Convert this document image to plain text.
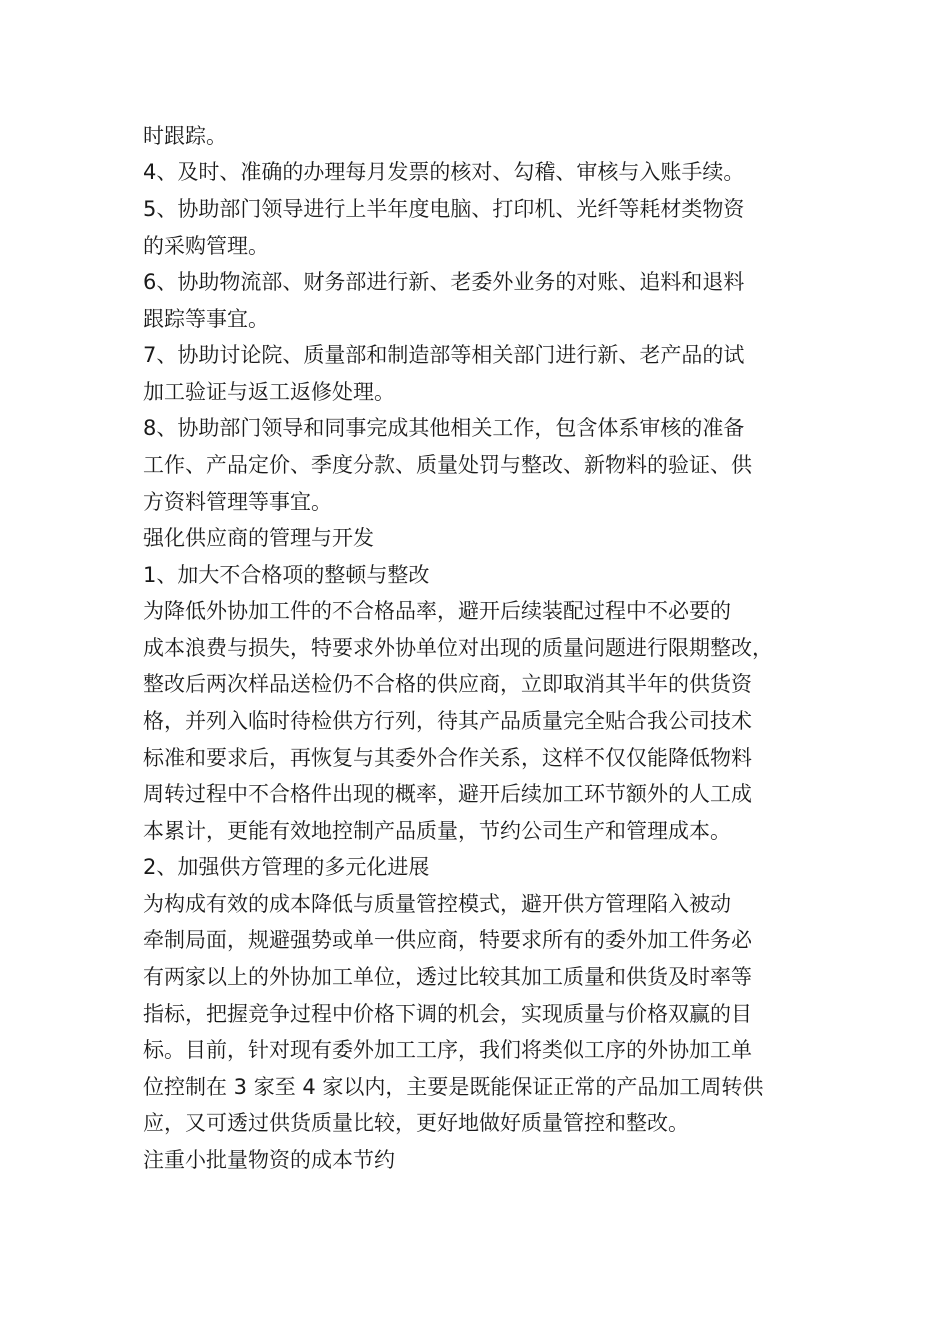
时跟踪。
4、及时、准确的办理每月发票的核对、勾稽、审核与入账手续。
5、协助部门领导进行上半年度电脑、打印机、光纤等耗材类物资
的采购管理。
6、协助物流部、财务部进行新、老委外业务的对账、追料和退料
跟踪等事宜。
7、协助讨论院、质量部和制造部等相关部门进行新、老产品的试
加工验证与返工返修处理。
8、协助部门领导和同事完成其他相关工作，包含体系审核的准备
工作、产品定价、季度分款、质量处罚与整改、新物料的验证、供
方资料管理等事宜。
强化供应商的管理与开发
1、加大不合格项的整顿与整改
为降低外协加工件的不合格品率，避开后续装配过程中不必要的
成本浪费与损失，特要求外协单位对出现的质量问题进行限期整改，
整改后两次样品送检仍不合格的供应商，立即取消其半年的供货资
格，并列入临时待检供方行列，待其产品质量完全贴合我公司技术
标准和要求后，再恢复与其委外合作关系，这样不仅仅能降低物料
周转过程中不合格件出现的概率，避开后续加工环节额外的人工成
本累计，更能有效地控制产品质量，节约公司生产和管理成本。
2、加强供方管理的多元化进展
为构成有效的成本降低与质量管控模式，避开供方管理陷入被动
牵制局面，规避强势或单一供应商，特要求所有的委外加工件务必
有两家以上的外协加工单位，透过比较其加工质量和供货及时率等
指标，把握竞争过程中价格下调的机会，实现质量与价格双赢的目
标。目前，针对现有委外加工工序，我们将类似工序的外协加工单
位控制在 3 家至 4 家以内，主要是既能保证正常的产品加工周转供
应，又可透过供货质量比较，更好地做好质量管控和整改。
注重小批量物资的成本节约
